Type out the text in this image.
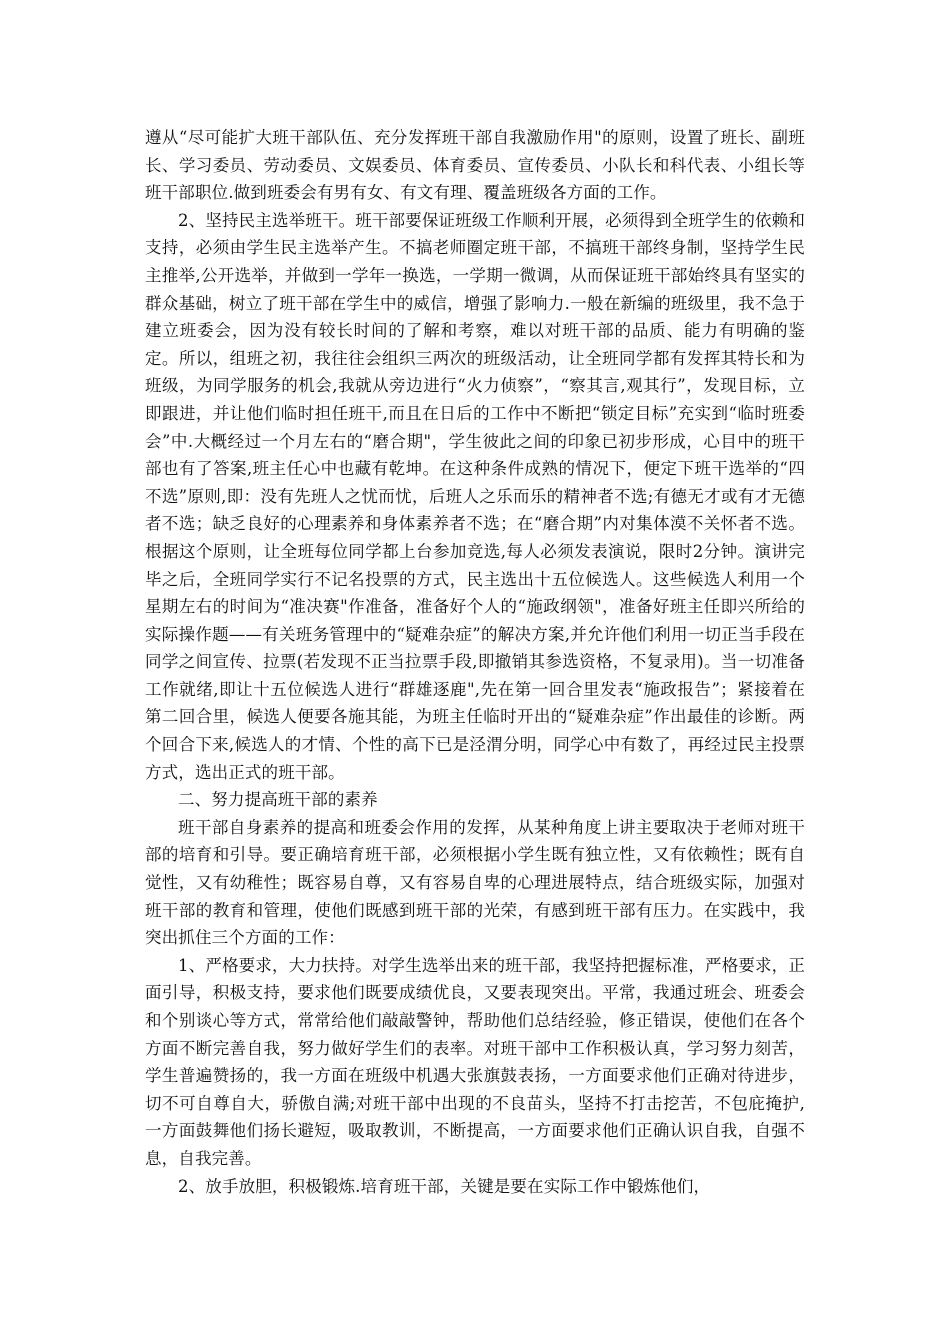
遵从“尽可能扩大班干部队伍、充分发挥班干部自我激励作用"的原则，设置了班长、副班长、学习委员、劳动委员、文娱委员、体育委员、宣传委员、小队长和科代表、小组长等班干部职位.做到班委会有男有女、有文有理、覆盖班级各方面的工作。

2、坚持民主选举班干。班干部要保证班级工作顺利开展，必须得到全班学生的依赖和支持，必须由学生民主选举产生。不搞老师圈定班干部，不搞班干部终身制，坚持学生民主推举,公开选举，并做到一学年一换选，一学期一微调，从而保证班干部始终具有坚实的群众基础，树立了班干部在学生中的威信，增强了影响力.一般在新编的班级里，我不急于建立班委会，因为没有较长时间的了解和考察，难以对班干部的品质、能力有明确的鉴定。所以，组班之初，我往往会组织三两次的班级活动，让全班同学都有发挥其特长和为班级，为同学服务的机会,我就从旁边进行“火力侦察”，“察其言,观其行”，发现目标，立即跟进，并让他们临时担任班干,而且在日后的工作中不断把“锁定目标”充实到“临时班委会”中.大概经过一个月左右的“磨合期"，学生彼此之间的印象已初步形成，心目中的班干部也有了答案,班主任心中也藏有乾坤。在这种条件成熟的情况下，便定下班干选举的“四不选”原则,即：没有先班人之忧而忧，后班人之乐而乐的精神者不选;有德无才或有才无德者不选；缺乏良好的心理素养和身体素养者不选；在“磨合期”内对集体漠不关怀者不选。根据这个原则，让全班每位同学都上台参加竞选,每人必须发表演说，限时2分钟。演讲完毕之后，全班同学实行不记名投票的方式，民主选出十五位候选人。这些候选人利用一个星期左右的时间为“准决赛"作准备，准备好个人的“施政纲领"，准备好班主任即兴所给的实际操作题——有关班务管理中的“疑难杂症”的解决方案,并允许他们利用一切正当手段在同学之间宣传、拉票(若发现不正当拉票手段,即撤销其参选资格，不复录用)。当一切准备工作就绪,即让十五位候选人进行“群雄逐鹿",先在第一回合里发表“施政报告”；紧接着在第二回合里，候选人便要各施其能，为班主任临时开出的“疑难杂症”作出最佳的诊断。两个回合下来,候选人的才情、个性的高下已是泾渭分明，同学心中有数了，再经过民主投票方式，选出正式的班干部。

二、努力提高班干部的素养

班干部自身素养的提高和班委会作用的发挥，从某种角度上讲主要取决于老师对班干部的培育和引导。要正确培育班干部，必须根据小学生既有独立性，又有依赖性；既有自觉性，又有幼稚性；既容易自尊，又有容易自卑的心理进展特点，结合班级实际，加强对班干部的教育和管理，使他们既感到班干部的光荣，有感到班干部有压力。在实践中，我突出抓住三个方面的工作：

1、严格要求，大力扶持。对学生选举出来的班干部，我坚持把握标准，严格要求，正面引导，积极支持，要求他们既要成绩优良，又要表现突出。平常，我通过班会、班委会和个别谈心等方式，常常给他们敲敲警钟，帮助他们总结经验，修正错误，使他们在各个方面不断完善自我，努力做好学生们的表率。对班干部中工作积极认真，学习努力刻苦，学生普遍赞扬的，我一方面在班级中机遇大张旗鼓表扬，一方面要求他们正确对待进步，切不可自尊自大，骄傲自满;对班干部中出现的不良苗头，坚持不打击挖苦，不包庇掩护,一方面鼓舞他们扬长避短，吸取教训，不断提高，一方面要求他们正确认识自我，自强不息，自我完善。

2、放手放胆，积极锻炼.培育班干部，关键是要在实际工作中锻炼他们，
